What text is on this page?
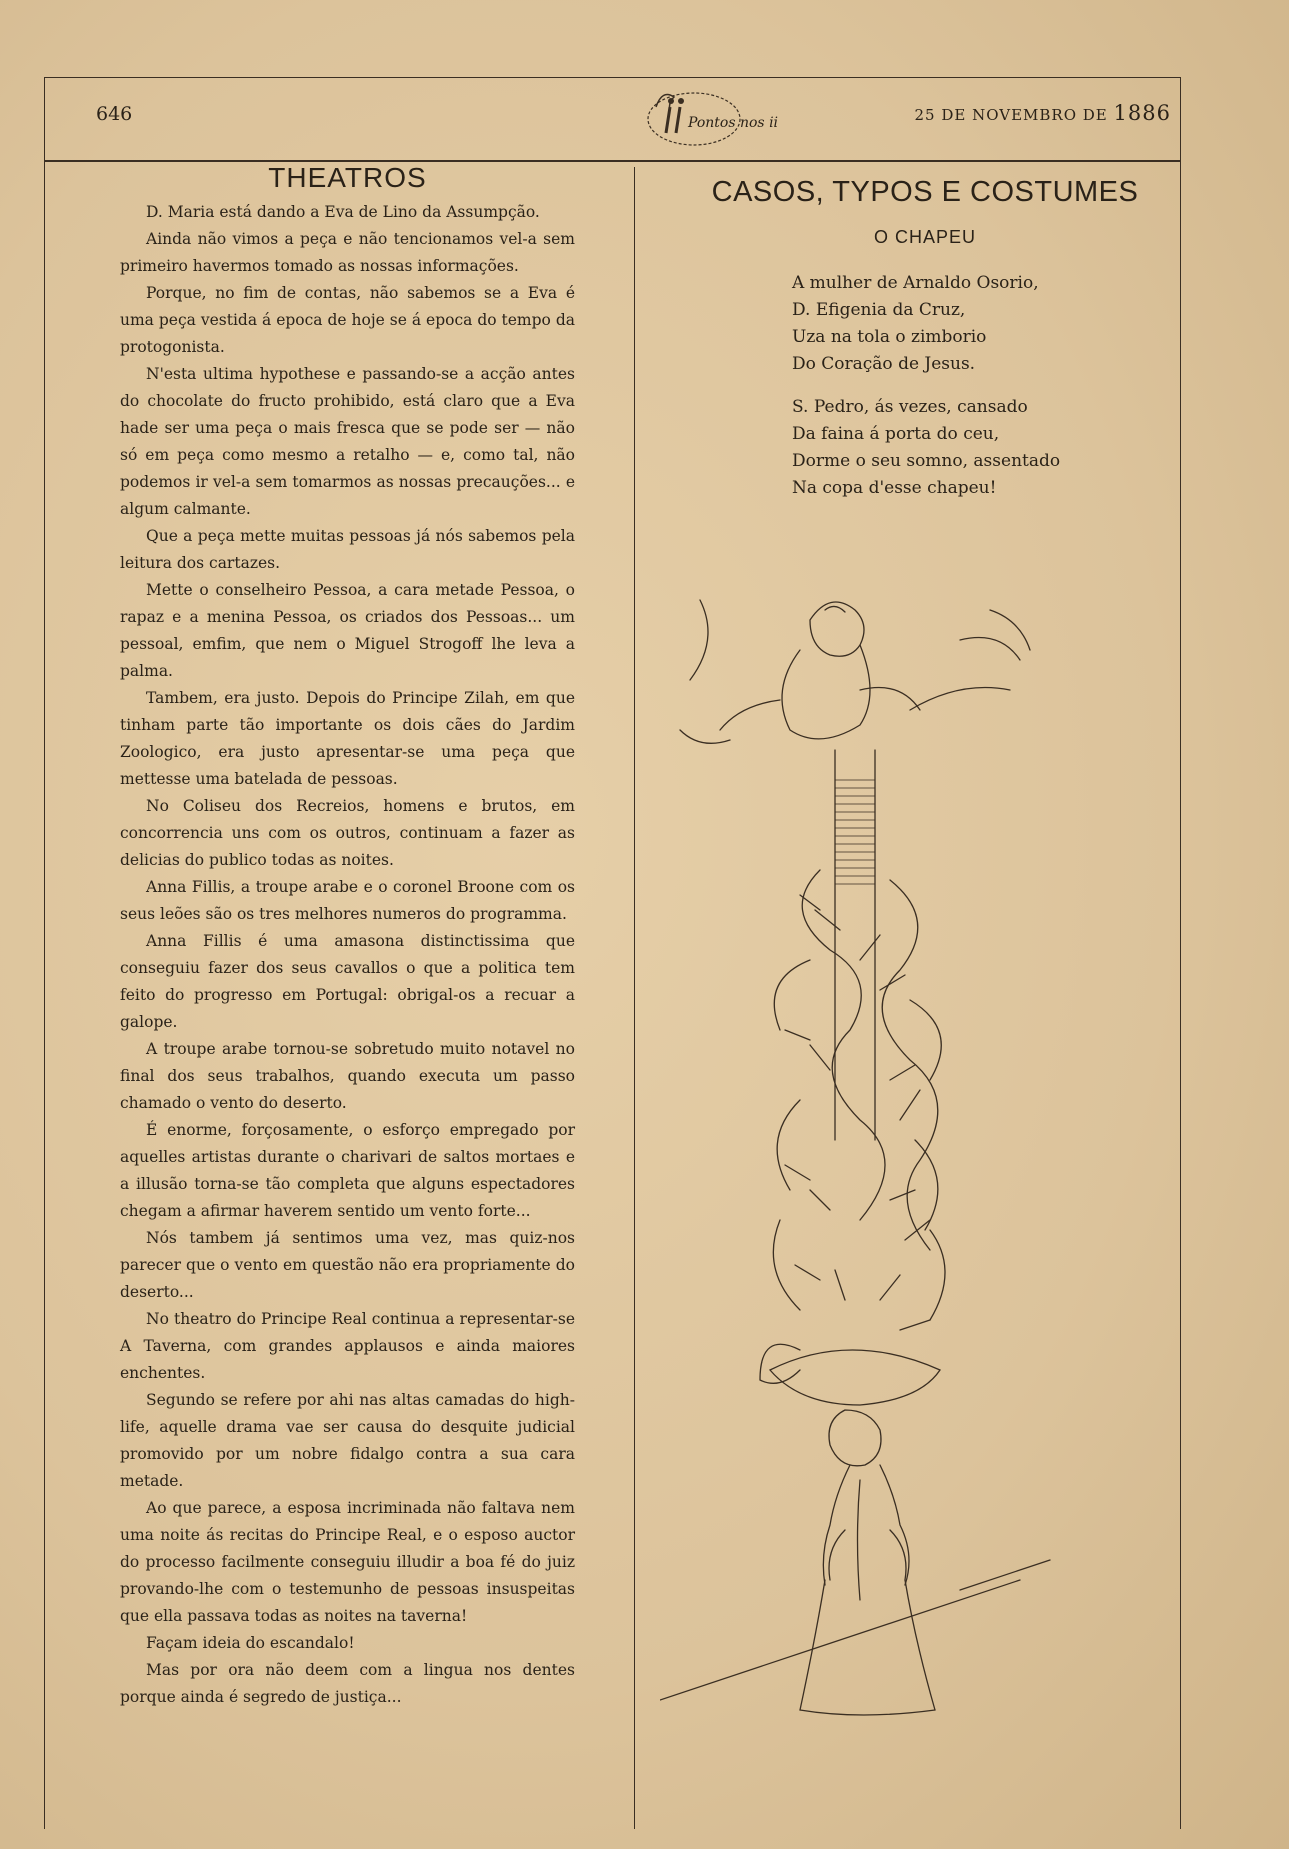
646	Pontos nos ii	25 DE NOVEMBRO DE 1886
THEATROS

D. Maria está dando a Eva de Lino da Assumpção.

Ainda não vimos a peça e não tencionamos vel-a sem primeiro havermos tomado as nossas informações.

Porque, no fim de contas, não sabemos se a Eva é uma peça vestida á epoca de hoje se á epoca do tempo da protogonista.

N'esta ultima hypothese e passando-se a acção antes do chocolate do fructo prohibido, está claro que a Eva hade ser uma peça o mais fresca que se pode ser — não só em peça como mesmo a retalho — e, como tal, não podemos ir vel-a sem tomarmos as nossas precauções... e algum calmante.

Que a peça mette muitas pessoas já nós sabemos pela leitura dos cartazes.

Mette o conselheiro Pessoa, a cara metade Pessoa, o rapaz e a menina Pessoa, os criados dos Pessoas... um pessoal, emfim, que nem o Miguel Strogoff lhe leva a palma.

Tambem, era justo. Depois do Principe Zilah, em que tinham parte tão importante os dois cães do Jardim Zoologico, era justo apresentar-se uma peça que mettesse uma batelada de pessoas.

No Coliseu dos Recreios, homens e brutos, em concorrencia uns com os outros, continuam a fazer as delicias do publico todas as noites.

Anna Fillis, a troupe arabe e o coronel Broone com os seus leões são os tres melhores numeros do programma.

Anna Fillis é uma amasona distinctissima que conseguiu fazer dos seus cavallos o que a politica tem feito do progresso em Portugal: obrigal-os a recuar a galope.

A troupe arabe tornou-se sobretudo muito notavel no final dos seus trabalhos, quando executa um passo chamado o vento do deserto.

É enorme, forçosamente, o esforço empregado por aquelles artistas durante o charivari de saltos mortaes e a illusão torna-se tão completa que alguns espectadores chegam a afirmar haverem sentido um vento forte...

Nós tambem já sentimos uma vez, mas quiz-nos parecer que o vento em questão não era propriamente do deserto...

No theatro do Principe Real continua a representar-se A Taverna, com grandes applausos e ainda maiores enchentes.

Segundo se refere por ahi nas altas camadas do high-life, aquelle drama vae ser causa do desquite judicial promovido por um nobre fidalgo contra a sua cara metade.

Ao que parece, a esposa incriminada não faltava nem uma noite ás recitas do Principe Real, e o esposo auctor do processo facilmente conseguiu illudir a boa fé do juiz provando-lhe com o testemunho de pessoas insuspeitas que ella passava todas as noites na taverna!

Façam ideia do escandalo!

Mas por ora não deem com a lingua nos dentes porque ainda é segredo de justiça...

CASOS, TYPOS E COSTUMES
O CHAPEU
A mulher de Arnaldo Osorio,
D. Efigenia da Cruz,
Uza na tola o zimborio
Do Coração de Jesus.
S. Pedro, ás vezes, cansado
Da faina á porta do ceu,
Dorme o seu somno, assentado
Na copa d'esse chapeu!
